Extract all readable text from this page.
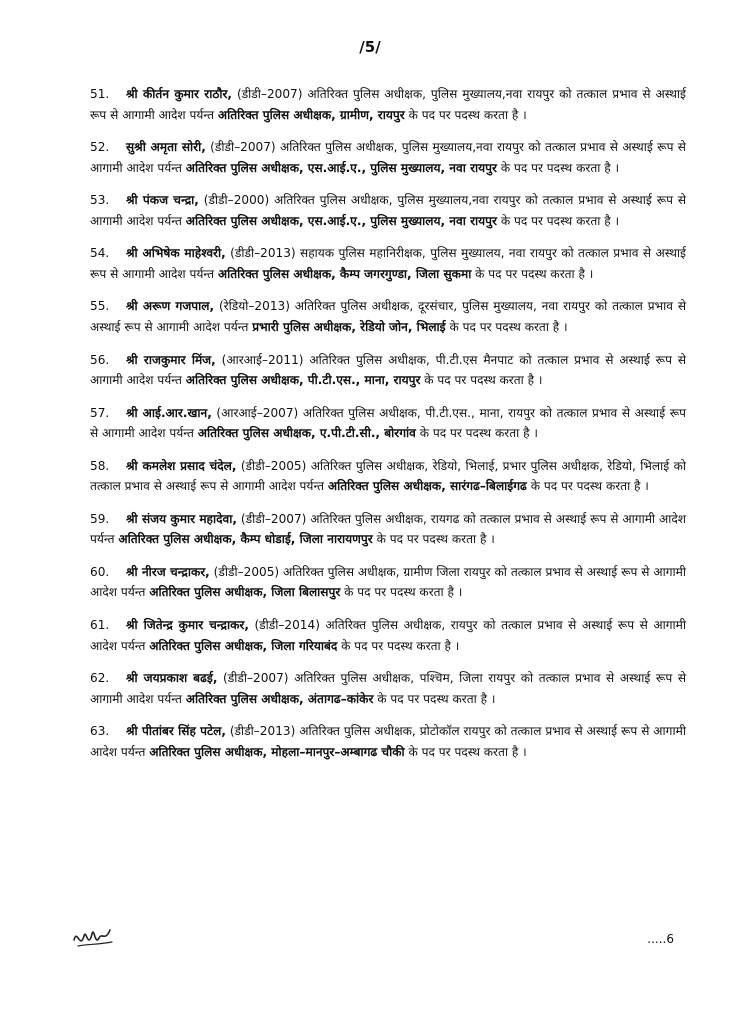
/5/

51. श्री कीर्तन कुमार राठौर, (डीडी–2007) अतिरिक्त पुलिस अधीक्षक, पुलिस मुख्यालय,नवा रायपुर को तत्काल प्रभाव से अस्थाई रूप से आगामी आदेश पर्यन्त अतिरिक्त पुलिस अधीक्षक, ग्रामीण, रायपुर के पद पर पदस्थ करता है ।

52. सुश्री अमृता सोरी, (डीडी–2007) अतिरिक्त पुलिस अधीक्षक, पुलिस मुख्यालय,नवा रायपुर को तत्काल प्रभाव से अस्थाई रूप से आगामी आदेश पर्यन्त अतिरिक्त पुलिस अधीक्षक, एस.आई.ए., पुलिस मुख्यालय, नवा रायपुर के पद पर पदस्थ करता है ।

53. श्री पंकज चन्द्रा, (डीडी–2000) अतिरिक्त पुलिस अधीक्षक, पुलिस मुख्यालय,नवा रायपुर को तत्काल प्रभाव से अस्थाई रूप से आगामी आदेश पर्यन्त अतिरिक्त पुलिस अधीक्षक, एस.आई.ए., पुलिस मुख्यालय, नवा रायपुर के पद पर पदस्थ करता है ।

54. श्री अभिषेक माहेश्वरी, (डीडी–2013) सहायक पुलिस महानिरीक्षक, पुलिस मुख्यालय, नवा रायपुर को तत्काल प्रभाव से अस्थाई रूप से आगामी आदेश पर्यन्त अतिरिक्त पुलिस अधीक्षक, कैम्प जगरगुण्डा, जिला सुकमा के पद पर पदस्थ करता है ।

55. श्री अरूण गजपाल, (रेडियो–2013) अतिरिक्त पुलिस अधीक्षक, दूरसंचार, पुलिस मुख्यालय, नवा रायपुर को तत्काल प्रभाव से अस्थाई रूप से आगामी आदेश पर्यन्त प्रभारी पुलिस अधीक्षक, रेडियो जोन, भिलाई के पद पर पदस्थ करता है ।

56. श्री राजकुमार मिंज, (आरआई–2011) अतिरिक्त पुलिस अधीक्षक, पी.टी.एस मैनपाट को तत्काल प्रभाव से अस्थाई रूप से आगामी आदेश पर्यन्त अतिरिक्त पुलिस अधीक्षक, पी.टी.एस., माना, रायपुर के पद पर पदस्थ करता है ।

57. श्री आई.आर.खान, (आरआई–2007) अतिरिक्त पुलिस अधीक्षक, पी.टी.एस., माना, रायपुर को तत्काल प्रभाव से अस्थाई रूप से आगामी आदेश पर्यन्त अतिरिक्त पुलिस अधीक्षक, ए.पी.टी.सी., बोरगांव के पद पर पदस्थ करता है ।

58. श्री कमलेश प्रसाद चंदेल, (डीडी–2005) अतिरिक्त पुलिस अधीक्षक, रेडियो, भिलाई, प्रभार पुलिस अधीक्षक, रेडियो, भिलाई को तत्काल प्रभाव से अस्थाई रूप से आगामी आदेश पर्यन्त अतिरिक्त पुलिस अधीक्षक, सारंगढ–बिलाईगढ के पद पर पदस्थ करता है ।

59. श्री संजय कुमार महादेवा, (डीडी–2007) अतिरिक्त पुलिस अधीक्षक, रायगढ को तत्काल प्रभाव से अस्थाई रूप से आगामी आदेश पर्यन्त अतिरिक्त पुलिस अधीक्षक, कैम्प धोडाई, जिला नारायणपुर के पद पर पदस्थ करता है ।

60. श्री नीरज चन्द्राकर, (डीडी–2005) अतिरिक्त पुलिस अधीक्षक, ग्रामीण जिला रायपुर को तत्काल प्रभाव से अस्थाई रूप से आगामी आदेश पर्यन्त अतिरिक्त पुलिस अधीक्षक, जिला बिलासपुर के पद पर पदस्थ करता है ।

61. श्री जितेन्द्र कुमार चन्द्राकर, (डीडी–2014) अतिरिक्त पुलिस अधीक्षक, रायपुर को तत्काल प्रभाव से अस्थाई रूप से आगामी आदेश पर्यन्त अतिरिक्त पुलिस अधीक्षक, जिला गरियाबंद के पद पर पदस्थ करता है ।

62. श्री जयप्रकाश बढई, (डीडी–2007) अतिरिक्त पुलिस अधीक्षक, पश्चिम, जिला रायपुर को तत्काल प्रभाव से अस्थाई रूप से आगामी आदेश पर्यन्त अतिरिक्त पुलिस अधीक्षक, अंतागढ–कांकेर के पद पर पदस्थ करता है ।

63. श्री पीतांबर सिंह पटेल, (डीडी–2013) अतिरिक्त पुलिस अधीक्षक, प्रोटोकॉल रायपुर को तत्काल प्रभाव से अस्थाई रूप से आगामी आदेश पर्यन्त अतिरिक्त पुलिस अधीक्षक, मोहला–मानपुर–अम्बागढ चौकी के पद पर पदस्थ करता है ।

.....6
